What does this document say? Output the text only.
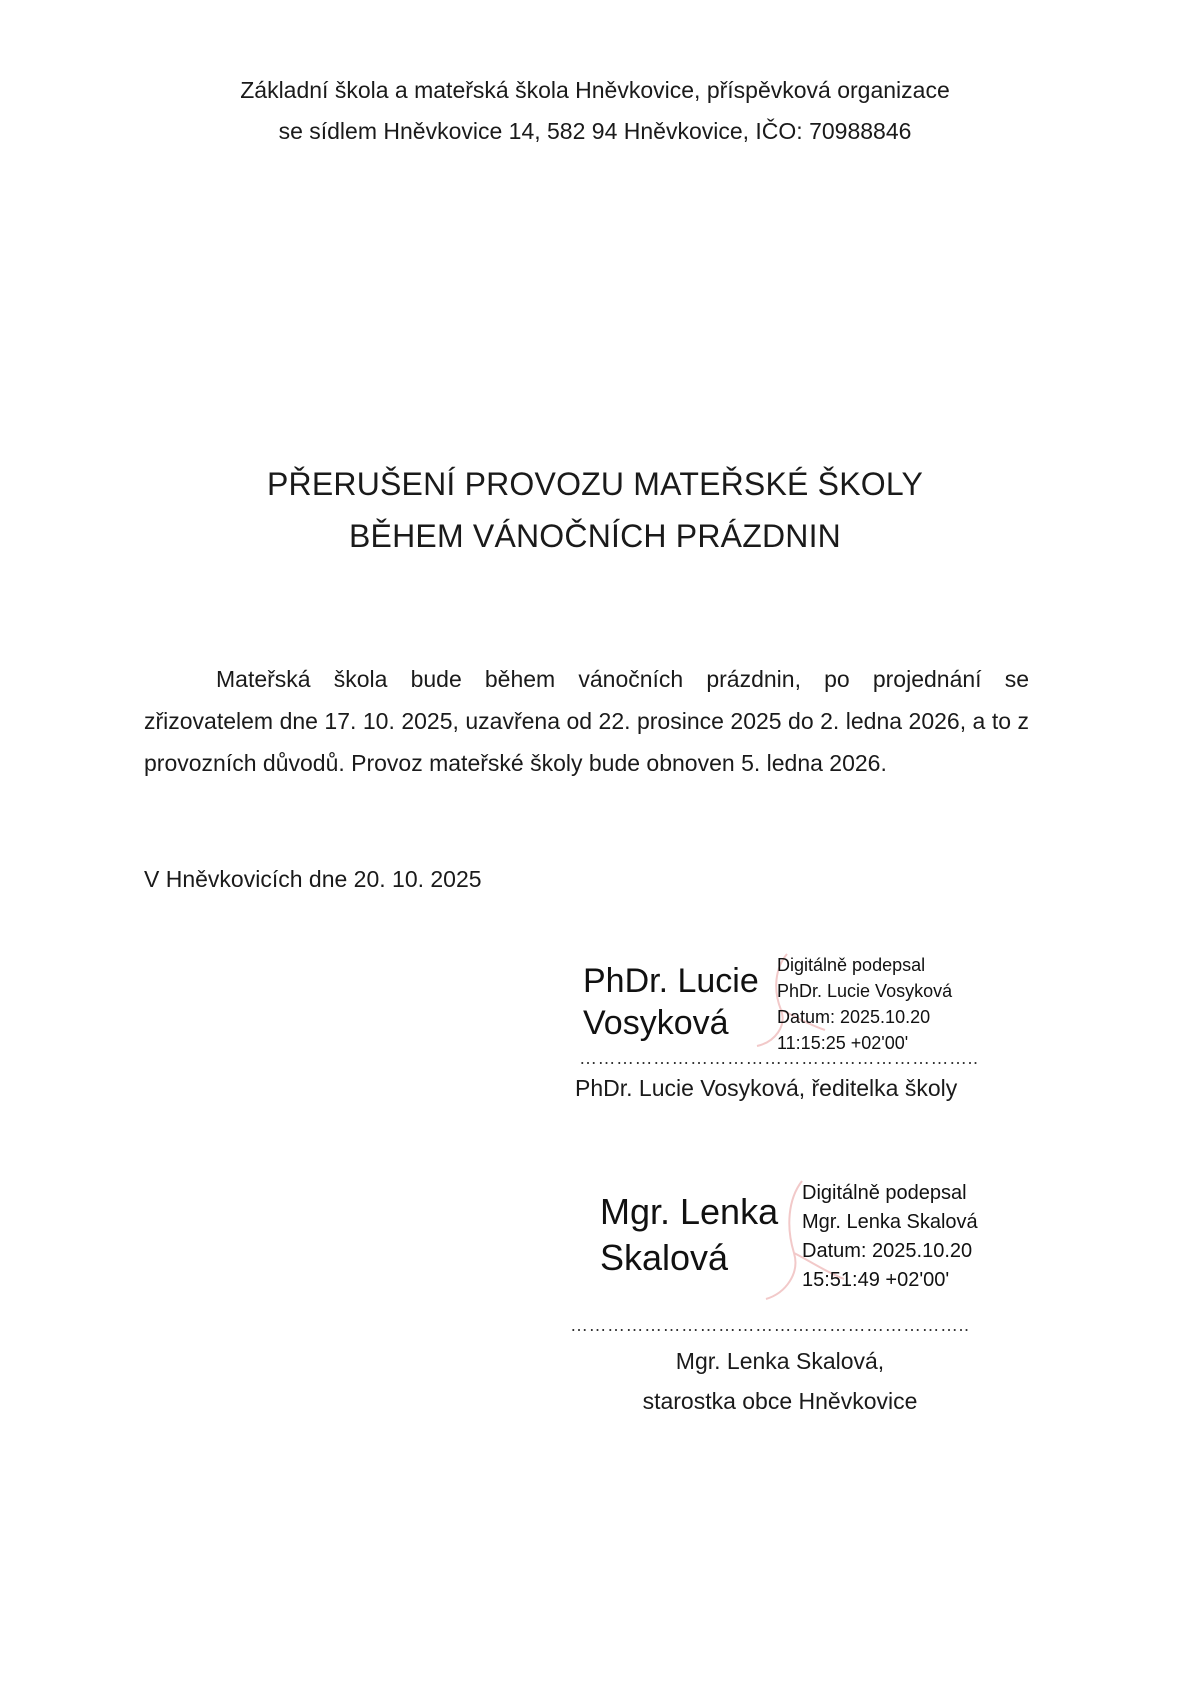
Základní škola a mateřská škola Hněvkovice, příspěvková organizace
se sídlem Hněvkovice 14, 582 94 Hněvkovice, IČO: 70988846
PŘERUŠENÍ PROVOZU MATEŘSKÉ ŠKOLY
BĚHEM VÁNOČNÍCH PRÁZDNIN

Mateřská škola bude během vánočních prázdnin, po projednání se zřizovatelem dne 17. 10. 2025, uzavřena od 22. prosince 2025 do 2. ledna 2026, a to z provozních důvodů. Provoz mateřské školy bude obnoven 5. ledna 2026.

V Hněvkovicích dne 20. 10. 2025
PhDr. Lucie
Vosyková
Digitálně podepsal
PhDr. Lucie Vosyková
Datum: 2025.10.20
11:15:25 +02'00'
………………………………………………………..
PhDr. Lucie Vosyková, ředitelka školy
Mgr. Lenka
Skalová
Digitálně podepsal
Mgr. Lenka Skalová
Datum: 2025.10.20
15:51:49 +02'00'
………………………………………………………..
Mgr. Lenka Skalová,
starostka obce Hněvkovice
